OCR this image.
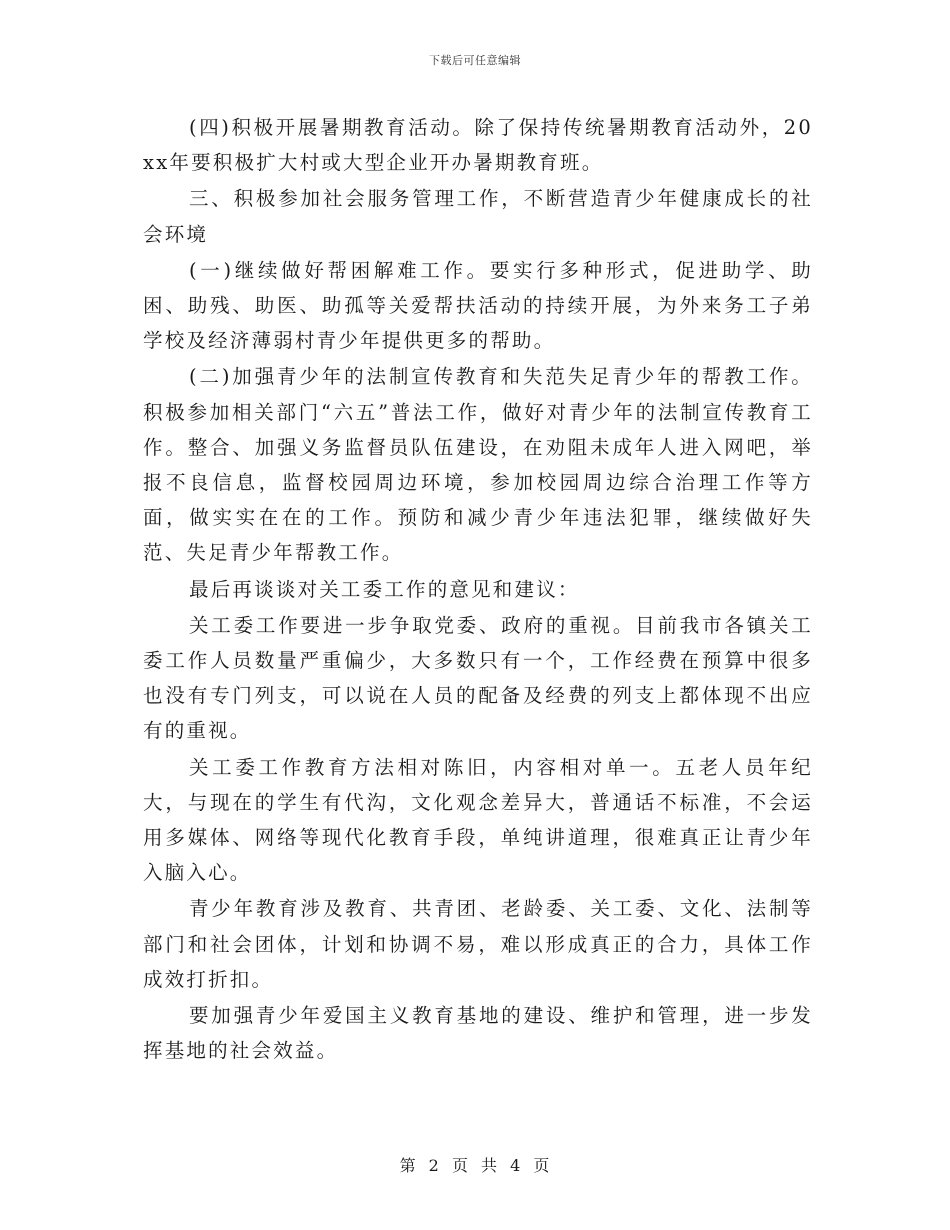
下载后可任意编辑

(四)积极开展暑期教育活动。除了保持传统暑期教育活动外，20xx年要积极扩大村或大型企业开办暑期教育班。

三、积极参加社会服务管理工作，不断营造青少年健康成长的社会环境

(一)继续做好帮困解难工作。要实行多种形式，促进助学、助困、助残、助医、助孤等关爱帮扶活动的持续开展，为外来务工子弟学校及经济薄弱村青少年提供更多的帮助。

(二)加强青少年的法制宣传教育和失范失足青少年的帮教工作。积极参加相关部门“六五”普法工作，做好对青少年的法制宣传教育工作。整合、加强义务监督员队伍建设，在劝阻未成年人进入网吧，举报不良信息，监督校园周边环境，参加校园周边综合治理工作等方面，做实实在在的工作。预防和减少青少年违法犯罪，继续做好失范、失足青少年帮教工作。

最后再谈谈对关工委工作的意见和建议：

关工委工作要进一步争取党委、政府的重视。目前我市各镇关工委工作人员数量严重偏少，大多数只有一个，工作经费在预算中很多也没有专门列支，可以说在人员的配备及经费的列支上都体现不出应有的重视。

关工委工作教育方法相对陈旧，内容相对单一。五老人员年纪大，与现在的学生有代沟，文化观念差异大，普通话不标准，不会运用多媒体、网络等现代化教育手段，单纯讲道理，很难真正让青少年入脑入心。

青少年教育涉及教育、共青团、老龄委、关工委、文化、法制等部门和社会团体，计划和协调不易，难以形成真正的合力，具体工作成效打折扣。

要加强青少年爱国主义教育基地的建设、维护和管理，进一步发挥基地的社会效益。

第 2 页 共 4 页
